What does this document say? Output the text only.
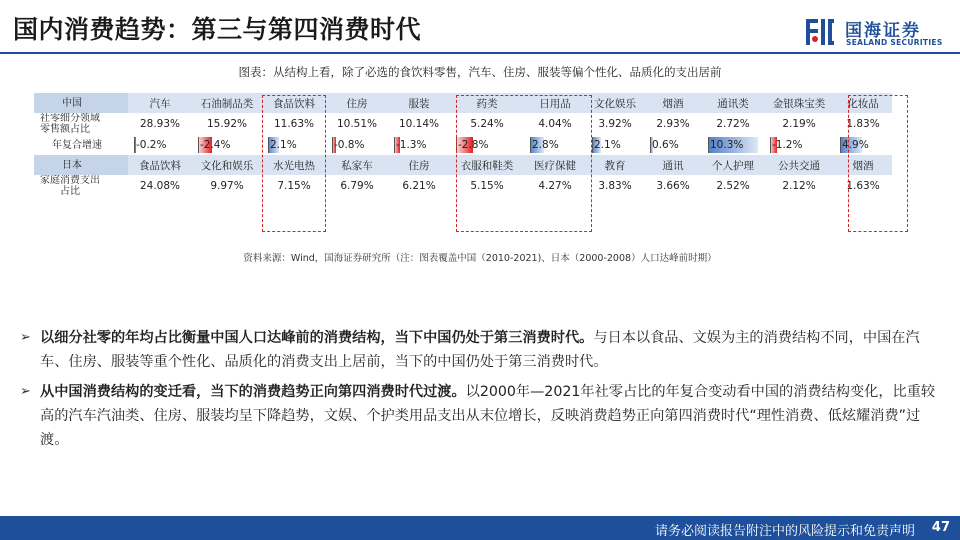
国内消费趋势：第三与第四消费时代	国海证券
SEALAND SECURITIES
图表：从结构上看，除了必选的食饮料零售，汽车、住房、服装等偏个性化、品质化的支出居前
中国	汽车	石油制品类	食品饮料	住房	服装	药类	日用品	文化娱乐	烟酒	通讯类	金银珠宝类	化妆品

社零细分领域
零售额占比	28.93%	15.92%	11.63%	10.51%	10.14%	5.24%	4.04%	3.92%	2.93%	2.72%	2.19%	1.83%
年复合增速	-0.2%	-2.4%	2.1%	-0.8%	-1.3%	-2.8%	2.8%	2.1%	0.6%	10.3%	-1.2%	4.9%
日本	食品饮料	文化和娱乐	水光电热	私家车	住房	衣服和鞋类	医疗保健	教育	通讯	个人护理	公共交通	烟酒

家庭消费支出
占比	24.08%	9.97%	7.15%	6.79%	6.21%	5.15%	4.27%	3.83%	3.66%	2.52%	2.12%	1.63%
资料来源：Wind，国海证券研究所（注：图表覆盖中国（2010-2021)、日本（2000-2008）人口达峰前时期）
➢ 以细分社零的年均占比衡量中国人口达峰前的消费结构，当下中国仍处于第三消费时代。与日本以食品、文娱为主的消费结构不同，中国在汽车、住房、服装等重个性化、品质化的消费支出上居前，当下的中国仍处于第三消费时代。
➢ 从中国消费结构的变迁看，当下的消费趋势正向第四消费时代过渡。以2000年—2021年社零占比的年复合变动看中国的消费结构变化，比重较高的汽车汽油类、住房、服装均呈下降趋势，文娱、个护类用品支出从末位增长，反映消费趋势正向第四消费时代“理性消费、低炫耀消费”过渡。
请务必阅读报告附注中的风险提示和免责声明 47
